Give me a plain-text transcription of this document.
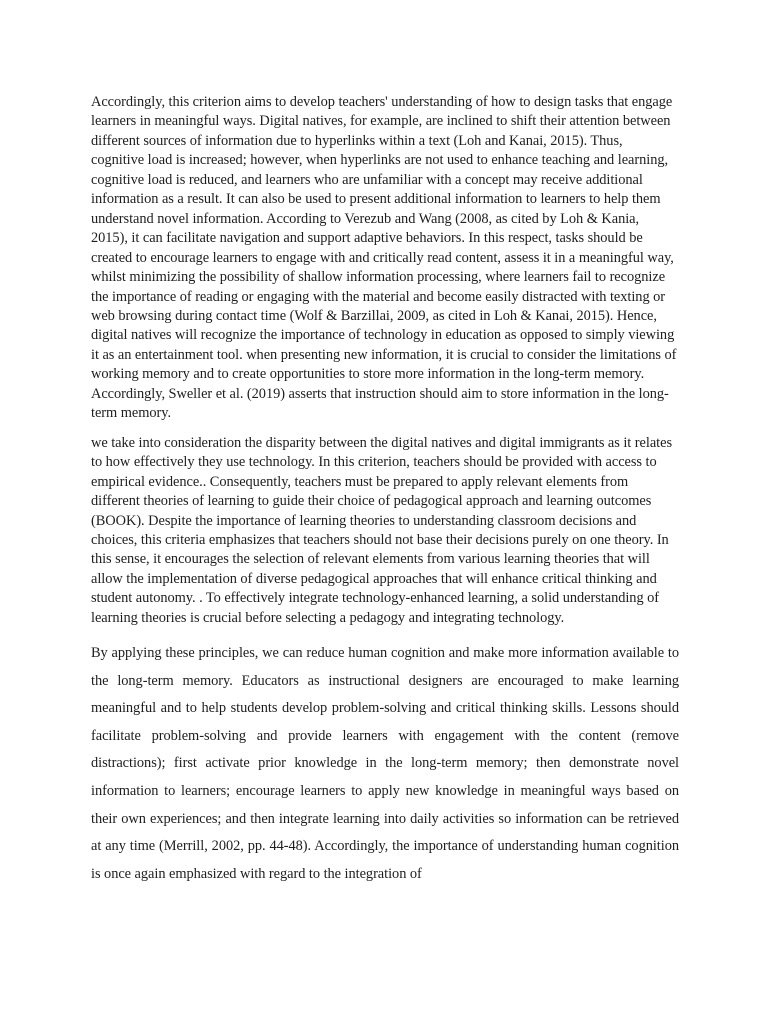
Accordingly, this criterion aims to develop teachers' understanding of how to design tasks that engage learners in meaningful ways. Digital natives, for example, are inclined to shift their attention between different sources of information due to hyperlinks within a text (Loh and Kanai, 2015). Thus, cognitive load is increased; however, when hyperlinks are not used to enhance teaching and learning, cognitive load is reduced, and learners who are unfamiliar with a concept may receive additional information as a result. It can also be used to present additional information to learners to help them understand novel information. According to Verezub and Wang (2008, as cited by Loh & Kania, 2015), it can facilitate navigation and support adaptive behaviors. In this respect, tasks should be created to encourage learners to engage with and critically read content, assess it in a meaningful way, whilst minimizing the possibility of shallow information processing, where learners fail to recognize the importance of reading or engaging with the material and become easily distracted with texting or web browsing during contact time (Wolf & Barzillai, 2009, as cited in Loh & Kanai, 2015). Hence, digital natives will recognize the importance of technology in education as opposed to simply viewing it as an entertainment tool. when presenting new information, it is crucial to consider the limitations of working memory and to create opportunities to store more information in the long-term memory. Accordingly, Sweller et al. (2019) asserts that instruction should aim to store information in the long-term memory.

we take into consideration the disparity between the digital natives and digital immigrants as it relates to how effectively they use technology. In this criterion, teachers should be provided with access to empirical evidence.. Consequently, teachers must be prepared to apply relevant elements from different theories of learning to guide their choice of pedagogical approach and learning outcomes (BOOK). Despite the importance of learning theories to understanding classroom decisions and choices, this criteria emphasizes that teachers should not base their decisions purely on one theory. In this sense, it encourages the selection of relevant elements from various learning theories that will allow the implementation of diverse pedagogical approaches that will enhance critical thinking and student autonomy. . To effectively integrate technology-enhanced learning, a solid understanding of learning theories is crucial before selecting a pedagogy and integrating technology.

By applying these principles, we can reduce human cognition and make more information available to the long-term memory. Educators as instructional designers are encouraged to make learning meaningful and to help students develop problem-solving and critical thinking skills. Lessons should facilitate problem-solving and provide learners with engagement with the content (remove distractions); first activate prior knowledge in the long-term memory; then demonstrate novel information to learners; encourage learners to apply new knowledge in meaningful ways based on their own experiences; and then integrate learning into daily activities so information can be retrieved at any time (Merrill, 2002, pp. 44-48). Accordingly, the importance of understanding human cognition is once again emphasized with regard to the integration of
